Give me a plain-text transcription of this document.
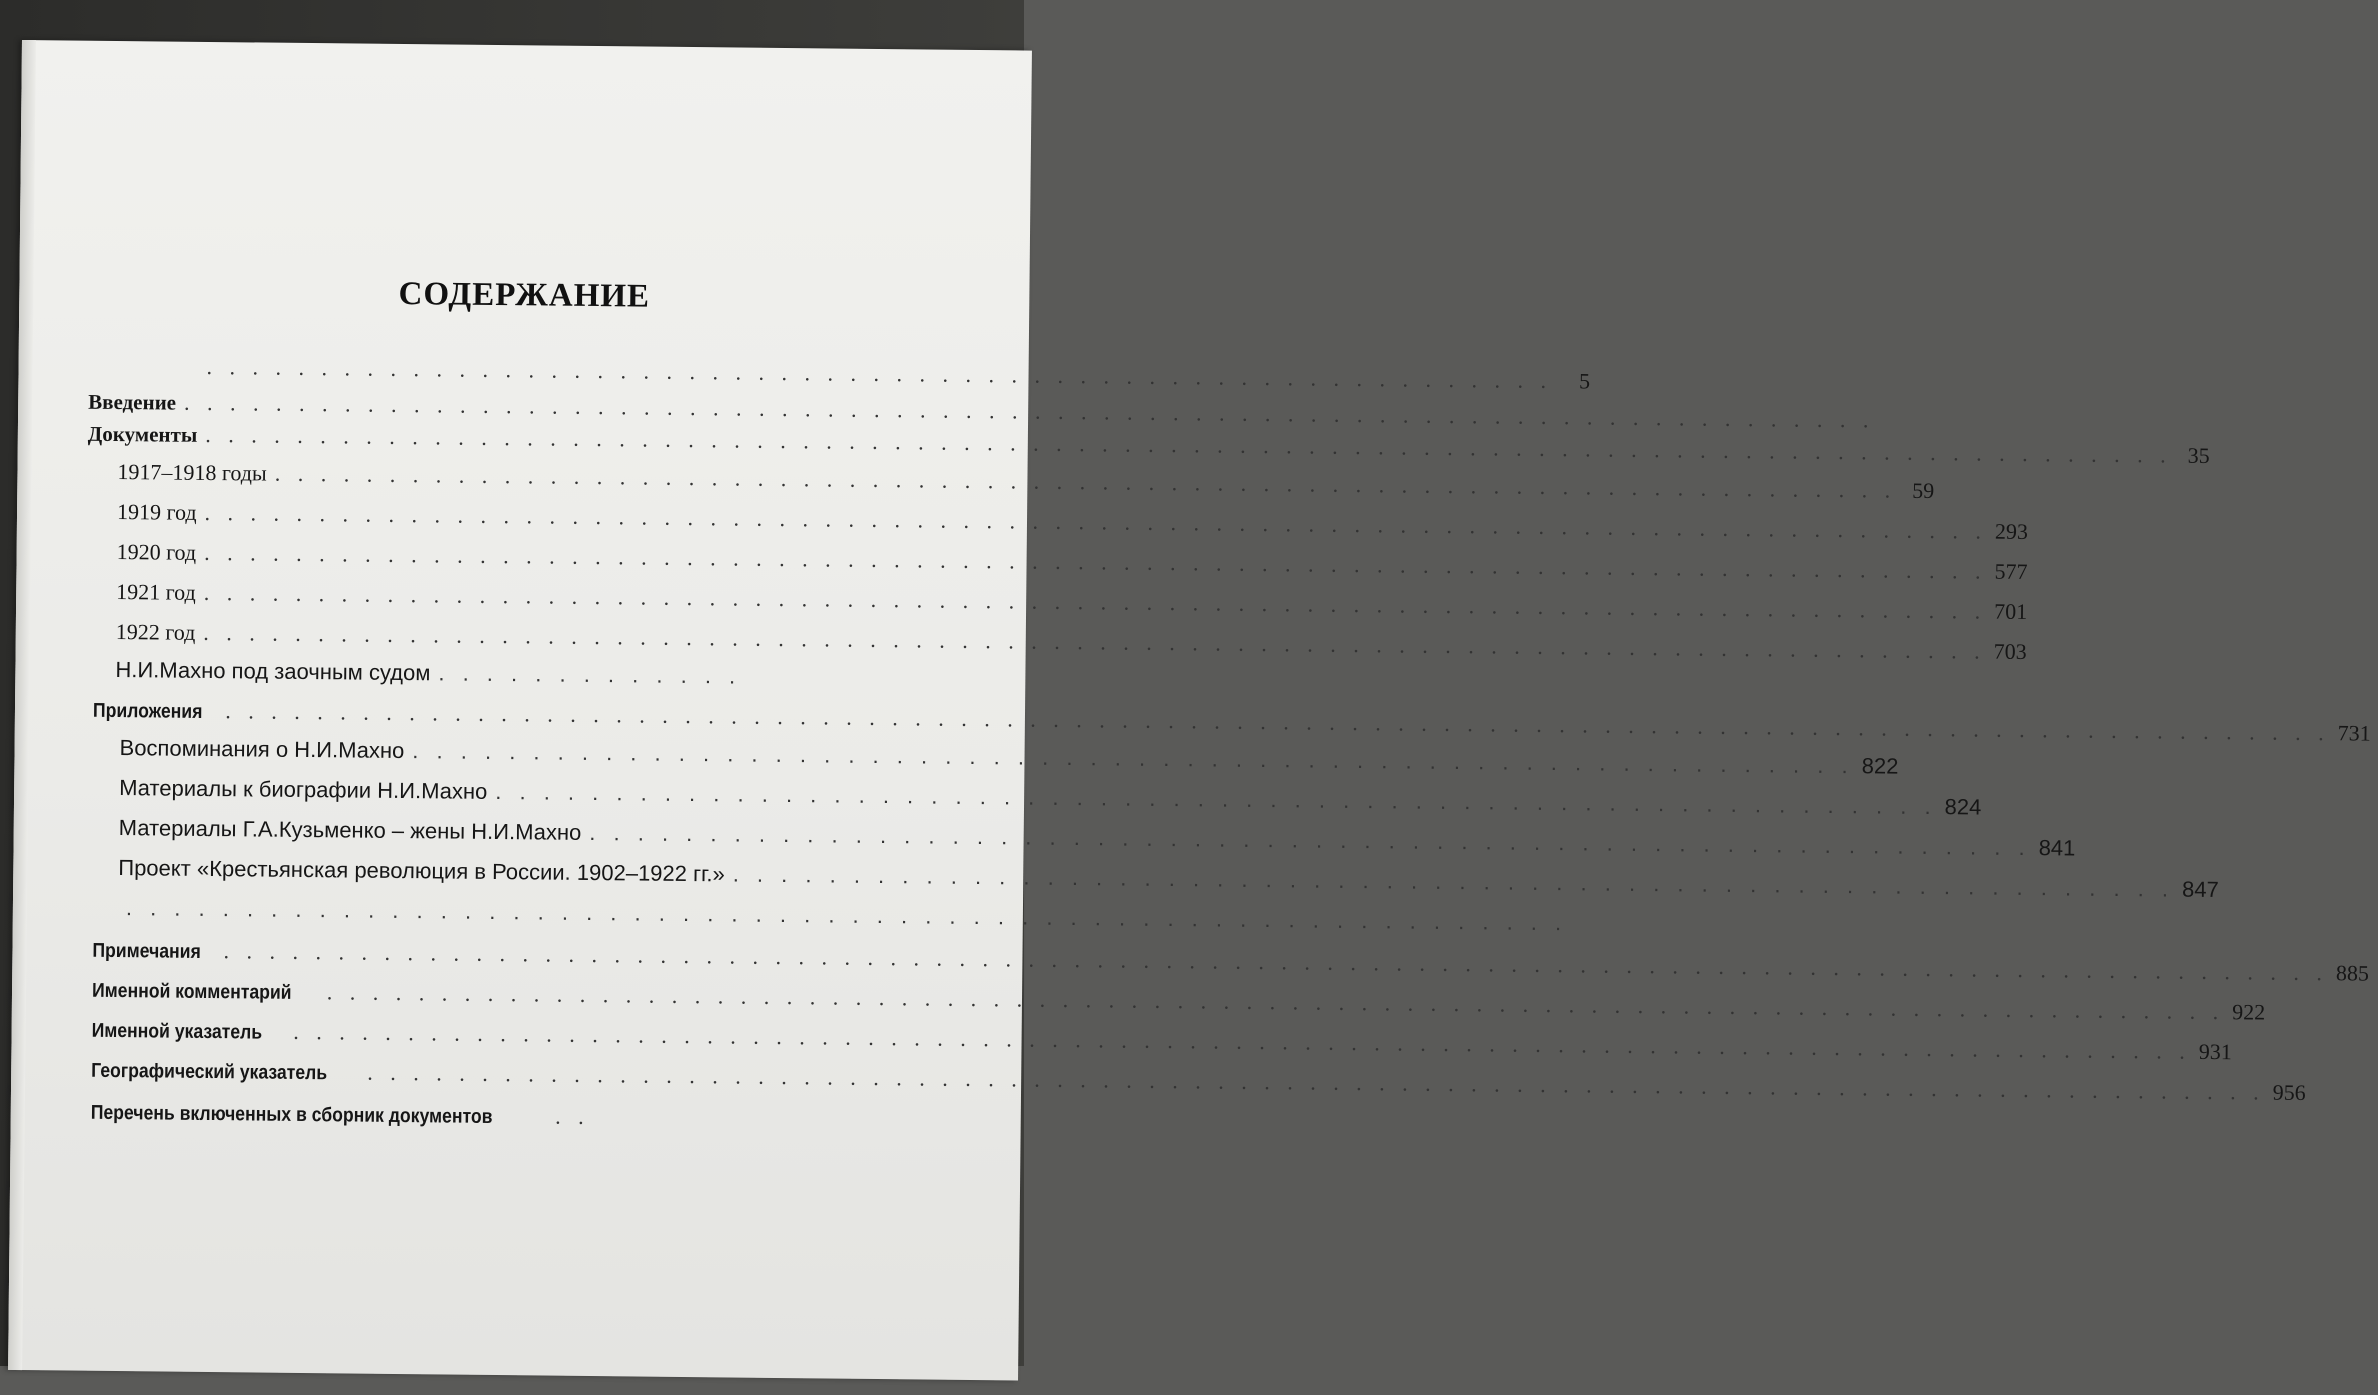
СОДЕРЖАНИЕ
. . . . . . . . . . . . . . . . . . . . . . . . . . . . . . . . . . . . . . . . . . . . . . . . . . . . . . . . . . .	5
Введение . . . . . . . . . . . . . . . . . . . . . . . . . . . . . . . . . . . . . . . . . . . . . . . . . . . . . . . . . . . . . . . . . . . . . . . . . .
Документы . . . . . . . . . . . . . . . . . . . . . . . . . . . . . . . . . . . . . . . . . . . . . . . . . . . . . . . . . . . . . . . . . . . . . . . . . . . . . . . . . . . . . . 35
1917–1918 годы . . . . . . . . . . . . . . . . . . . . . . . . . . . . . . . . . . . . . . . . . . . . . . . . . . . . . . . . . . . . . . . . . . . . . . . 59
1919 год . . . . . . . . . . . . . . . . . . . . . . . . . . . . . . . . . . . . . . . . . . . . . . . . . . . . . . . . . . . . . . . . . . . . . . . . . . . . . . 293
1920 год . . . . . . . . . . . . . . . . . . . . . . . . . . . . . . . . . . . . . . . . . . . . . . . . . . . . . . . . . . . . . . . . . . . . . . . . . . . . . . 577
1921 год . . . . . . . . . . . . . . . . . . . . . . . . . . . . . . . . . . . . . . . . . . . . . . . . . . . . . . . . . . . . . . . . . . . . . . . . . . . . . . 701
1922 год . . . . . . . . . . . . . . . . . . . . . . . . . . . . . . . . . . . . . . . . . . . . . . . . . . . . . . . . . . . . . . . . . . . . . . . . . . . . . . 703
Н.И.Махно под заочным судом . . . . . . . . . . . . .
Приложения . . . . . . . . . . . . . . . . . . . . . . . . . . . . . . . . . . . . . . . . . . . . . . . . . . . . . . . . . . . . . . . . . . . . . . . . . . . . . . . . . . . . . . . . . . . . 731
Воспоминания о Н.И.Махно . . . . . . . . . . . . . . . . . . . . . . . . . . . . . . . . . . . . . . . . . . . . . . . . . . . . . . . . . . . . 822
Материалы к биографии Н.И.Махно . . . . . . . . . . . . . . . . . . . . . . . . . . . . . . . . . . . . . . . . . . . . . . . . . . . . . . . . . . . . 824
Материалы Г.А.Кузьменко – жены Н.И.Махно . . . . . . . . . . . . . . . . . . . . . . . . . . . . . . . . . . . . . . . . . . . . . . . . . . . . . . . . . . . . 841
Проект «Крестьянская революция в России. 1902–1922 гг.» . . . . . . . . . . . . . . . . . . . . . . . . . . . . . . . . . . . . . . . . . . . . . . . . . . . . . . . . . . . . 847
. . . . . . . . . . . . . . . . . . . . . . . . . . . . . . . . . . . . . . . . . . . . . . . . . . . . . . . . . . . .
Примечания . . . . . . . . . . . . . . . . . . . . . . . . . . . . . . . . . . . . . . . . . . . . . . . . . . . . . . . . . . . . . . . . . . . . . . . . . . . . . . . . . . . . . . . . . . . . 885
Именной комментарий . . . . . . . . . . . . . . . . . . . . . . . . . . . . . . . . . . . . . . . . . . . . . . . . . . . . . . . . . . . . . . . . . . . . . . . . . . . . . . . . . . . 922
Именной указатель . . . . . . . . . . . . . . . . . . . . . . . . . . . . . . . . . . . . . . . . . . . . . . . . . . . . . . . . . . . . . . . . . . . . . . . . . . . . . . . . . . . 931
Географический указатель . . . . . . . . . . . . . . . . . . . . . . . . . . . . . . . . . . . . . . . . . . . . . . . . . . . . . . . . . . . . . . . . . . . . . . . . . . . . . . . . . . . 956
Перечень включенных в сборник документов	. .
